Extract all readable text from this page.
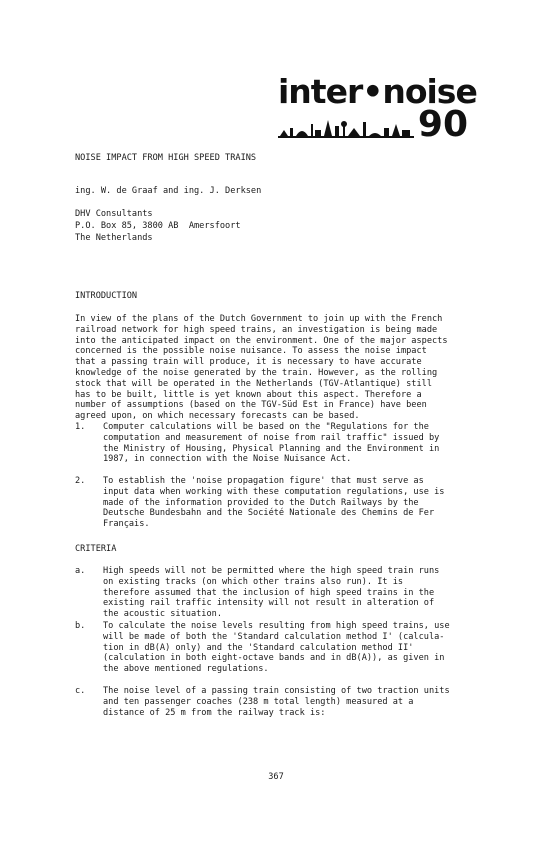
inter•noise
90
NOISE IMPACT FROM HIGH SPEED TRAINS
ing. W. de Graaf and ing. J. Derksen
DHV Consultants
P.O. Box 85, 3800 AB  Amersfoort
The Netherlands
INTRODUCTION
In view of the plans of the Dutch Government to join up with the French
railroad network for high speed trains, an investigation is being made
into the anticipated impact on the environment. One of the major aspects
concerned is the possible noise nuisance. To assess the noise impact
that a passing train will produce, it is necessary to have accurate
knowledge of the noise generated by the train. However, as the rolling
stock that will be operated in the Netherlands (TGV-Atlantique) still
has to be built, little is yet known about this aspect. Therefore a
number of assumptions (based on the TGV-Süd Est in France) have been
agreed upon, on which necessary forecasts can be based.
1. Computer calculations will be based on the "Regulations for the
computation and measurement of noise from rail traffic" issued by
the Ministry of Housing, Physical Planning and the Environment in
1987, in connection with the Noise Nuisance Act.
2. To establish the 'noise propagation figure' that must serve as
input data when working with these computation regulations, use is
made of the information provided to the Dutch Railways by the
Deutsche Bundesbahn and the Société Nationale des Chemins de Fer
Français.
CRITERIA
a. High speeds will not be permitted where the high speed train runs
on existing tracks (on which other trains also run). It is
therefore assumed that the inclusion of high speed trains in the
existing rail traffic intensity will not result in alteration of
the acoustic situation.
b. To calculate the noise levels resulting from high speed trains, use
will be made of both the 'Standard calculation method I' (calcula-
tion in dB(A) only) and the 'Standard calculation method II'
(calculation in both eight-octave bands and in dB(A)), as given in
the above mentioned regulations.
c. The noise level of a passing train consisting of two traction units
and ten passenger coaches (238 m total length) measured at a
distance of 25 m from the railway track is:
367
